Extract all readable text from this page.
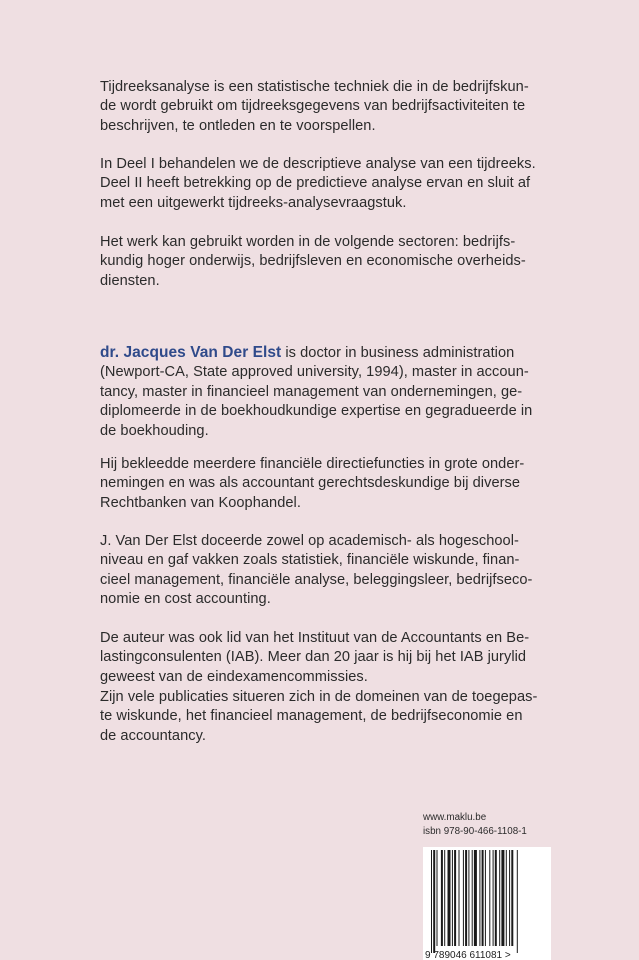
Tijdreeksanalyse is een statistische techniek die in de bedrijfskun-
de wordt gebruikt om tijdreeksgegevens van bedrijfsactiviteiten te
beschrijven, te ontleden en te voorspellen.

In Deel I behandelen we de descriptieve analyse van een tijdreeks.
Deel II heeft betrekking op de predictieve analyse ervan en sluit af
met een uitgewerkt tijdreeks-analysevraagstuk.

Het werk kan gebruikt worden in de volgende sectoren: bedrijfs-
kundig hoger onderwijs, bedrijfsleven en economische overheids-
diensten.

dr. Jacques Van Der Elst is doctor in business administration
(Newport-CA, State approved university, 1994), master in accoun-
tancy, master in financieel management van ondernemingen, ge-
diplomeerde in de boekhoudkundige expertise en gegradueerde in
de boekhouding.

Hij bekleedde meerdere financiële directiefuncties in grote onder-
nemingen en was als accountant gerechtsdeskundige bij diverse
Rechtbanken van Koophandel.

J. Van Der Elst doceerde zowel op academisch- als hogeschool-
niveau en gaf vakken zoals statistiek, financiële wiskunde, finan-
cieel management, financiële analyse, beleggingsleer, bedrijfseco-
nomie en cost accounting.

De auteur was ook lid van het Instituut van de Accountants en Be-
lastingconsulenten (IAB). Meer dan 20 jaar is hij bij het IAB jurylid
geweest van de eindexamencommissies.

Zijn vele publicaties situeren zich in de domeinen van de toegepas-
te wiskunde, het financieel management, de bedrijfseconomie en
de accountancy.

www.maklu.be
isbn 978-90-466-1108-1
9 789046 611081 >
